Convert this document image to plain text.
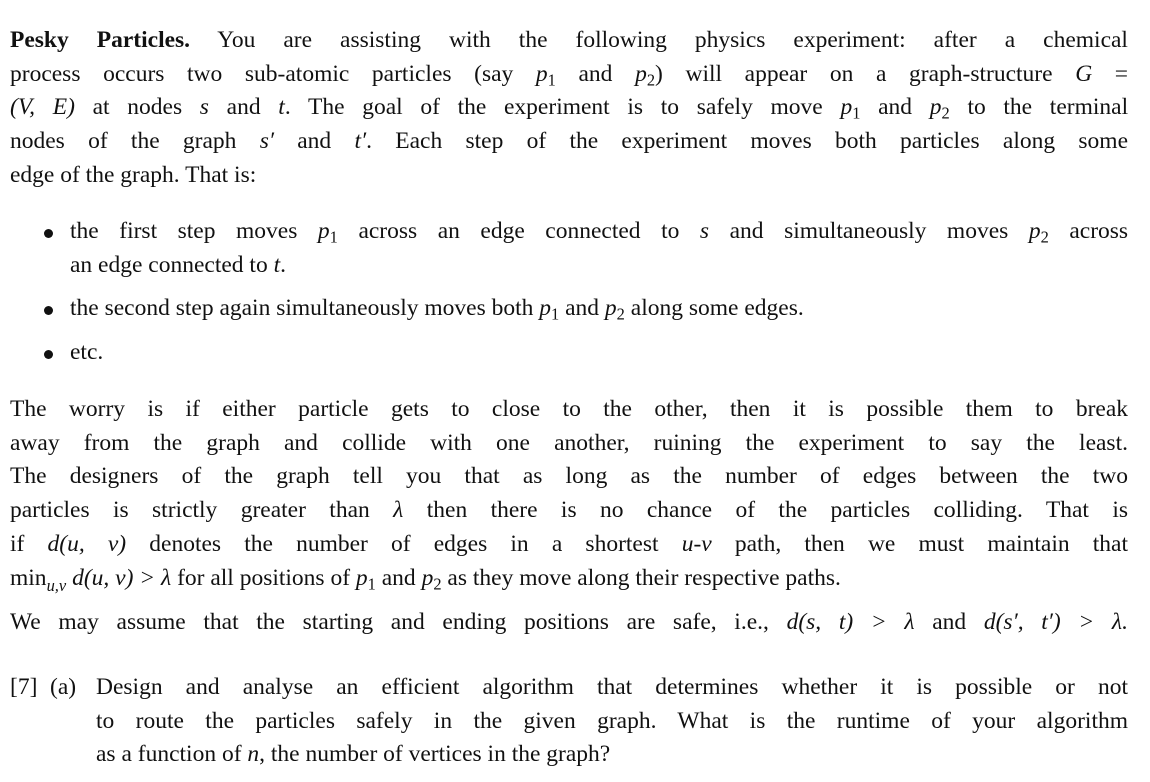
Pesky Particles. You are assisting with the following physics experiment: after a chemical
process occurs two sub-atomic particles (say $p_1$ and $p_2$) will appear on a graph-structure G =
(V, E) at nodes s and t. The goal of the experiment is to safely move $p_1$ and $p_2$ to the terminal
nodes of the graph s′ and t′. Each step of the experiment moves both particles along some
edge of the graph. That is:
the first step moves $p_1$ across an edge connected to s and simultaneously moves $p_2$ across
an edge connected to t.
the second step again simultaneously moves both $p_1$ and $p_2$ along some edges.
etc.
The worry is if either particle gets to close to the other, then it is possible them to break
away from the graph and collide with one another, ruining the experiment to say the least.
The designers of the graph tell you that as long as the number of edges between the two
particles is strictly greater than λ then there is no chance of the particles colliding. That is
if d(u, v) denotes the number of edges in a shortest u-v path, then we must maintain that
$\min_{u,v} d(u$, v) > λ for all positions of $p_1$ and $p_2$ as they move along their respective paths.
We may assume that the starting and ending positions are safe, i.e., d(s, t) > λ and d(s′, t′) > λ.
[7] (a) Design and analyse an efficient algorithm that determines whether it is possible or not
to route the particles safely in the given graph. What is the runtime of your algorithm
as a function of n, the number of vertices in the graph?
